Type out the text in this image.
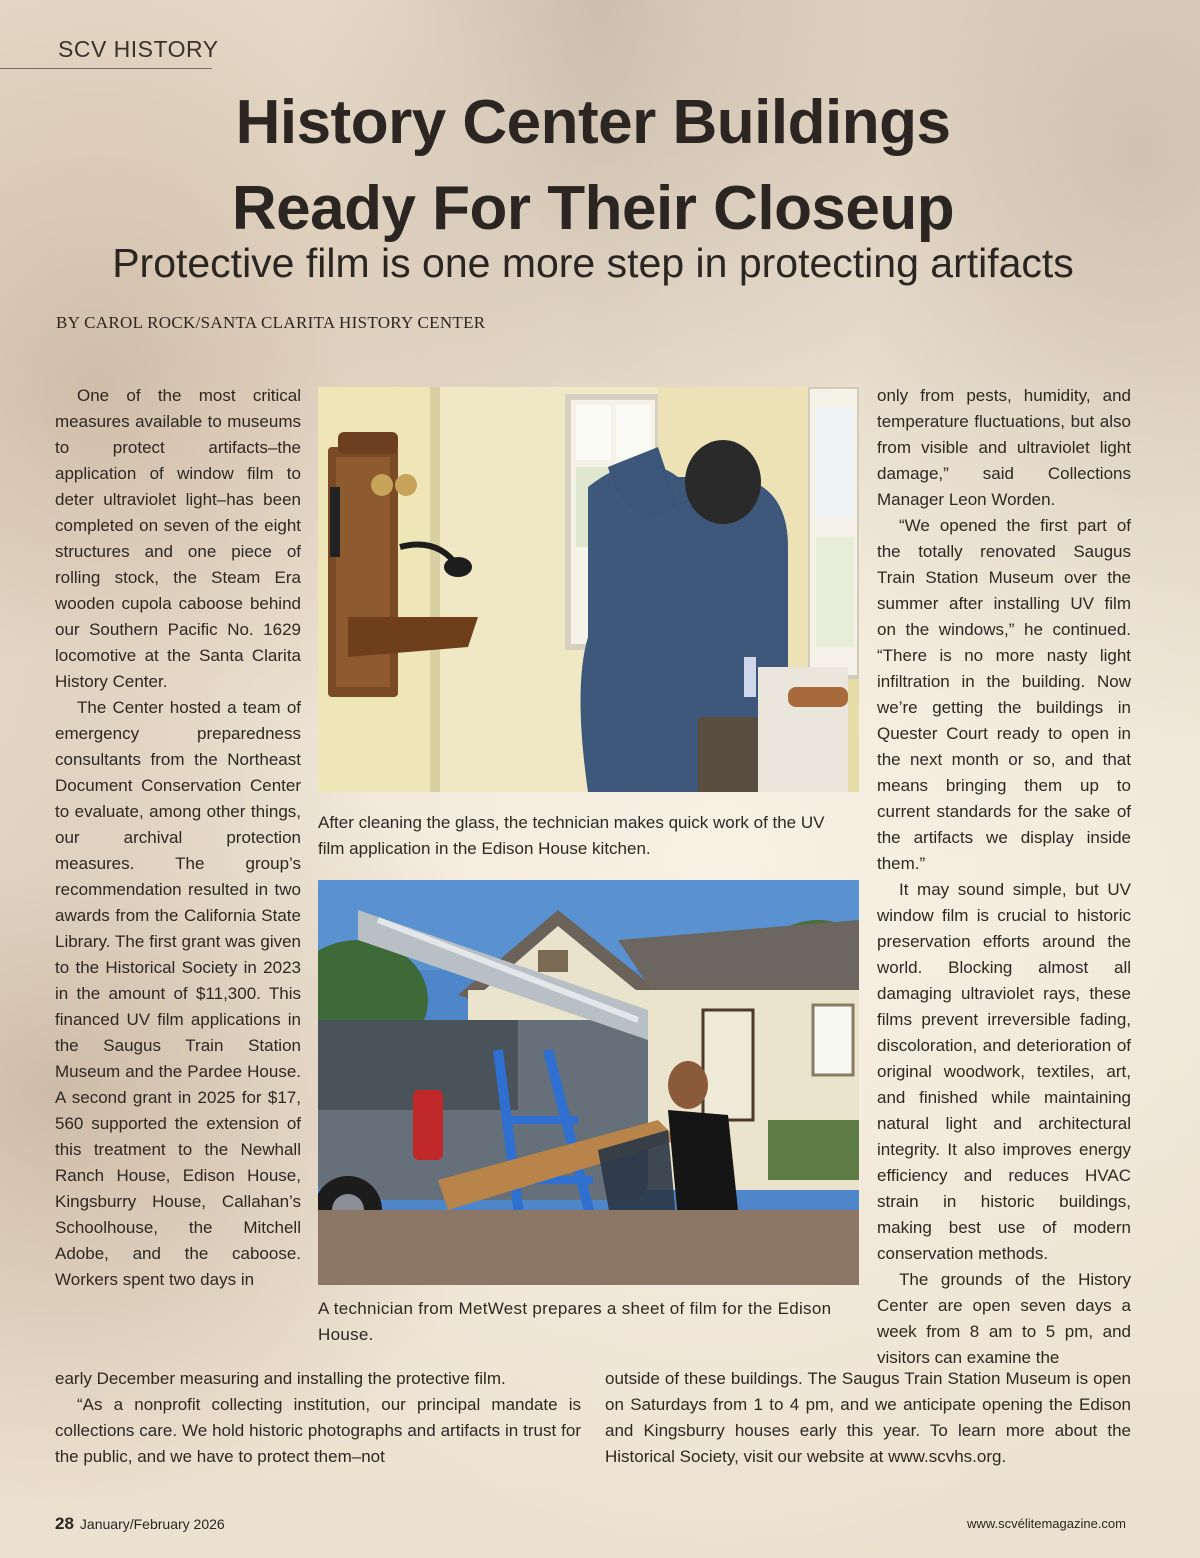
SCV HISTORY
History Center Buildings
Ready For Their Closeup
Protective film is one more step in protecting artifacts
BY CAROL ROCK/SANTA CLARITA HISTORY CENTER

One of the most critical measures available to museums to protect artifacts–the application of window film to deter ultraviolet light–has been completed on seven of the eight structures and one piece of rolling stock, the Steam Era wooden cupola caboose behind our Southern Pacific No. 1629 locomotive at the Santa Clarita History Center.

The Center hosted a team of emergency preparedness consultants from the Northeast Document Conservation Center to evaluate, among other things, our archival protection measures. The group’s recommendation resulted in two awards from the California State Library. The first grant was given to the Historical Society in 2023 in the amount of $11,300. This financed UV film applications in the Saugus Train Station Museum and the Pardee House. A second grant in 2025 for $17, 560 supported the extension of this treatment to the Newhall Ranch House, Edison House, Kingsburry House, Callahan’s Schoolhouse, the Mitchell Adobe, and the caboose. Workers spent two days in

After cleaning the glass, the technician makes quick work of the UV film application in the Edison House kitchen.
A technician from MetWest prepares a sheet of film for the Edison House.

only from pests, humidity, and temperature fluctuations, but also from visible and ultraviolet light damage,” said Collections Manager Leon Worden.

“We opened the first part of the totally renovated Saugus Train Station Museum over the summer after installing UV film on the windows,” he continued. “There is no more nasty light infiltration in the building. Now we’re getting the buildings in Quester Court ready to open in the next month or so, and that means bringing them up to current standards for the sake of the artifacts we display inside them.”

It may sound simple, but UV window film is crucial to historic preservation efforts around the world. Blocking almost all damaging ultraviolet rays, these films prevent irreversible fading, discoloration, and deterioration of original woodwork, textiles, art, and finished while maintaining natural light and architectural integrity. It also improves energy efficiency and reduces HVAC strain in historic buildings, making best use of modern conservation methods.

The grounds of the History Center are open seven days a week from 8 am to 5 pm, and visitors can examine the

early December measuring and installing the protective film.

“As a nonprofit collecting institution, our principal mandate is collections care. We hold historic photographs and artifacts in trust for the public, and we have to protect them–not

outside of these buildings. The Saugus Train Station Museum is open on Saturdays from 1 to 4 pm, and we anticipate opening the Edison and Kingsburry houses early this year. To learn more about the Historical Society, visit our website at www.scvhs.org.

28 January/February 2026	www.scvélitemagazine.com
